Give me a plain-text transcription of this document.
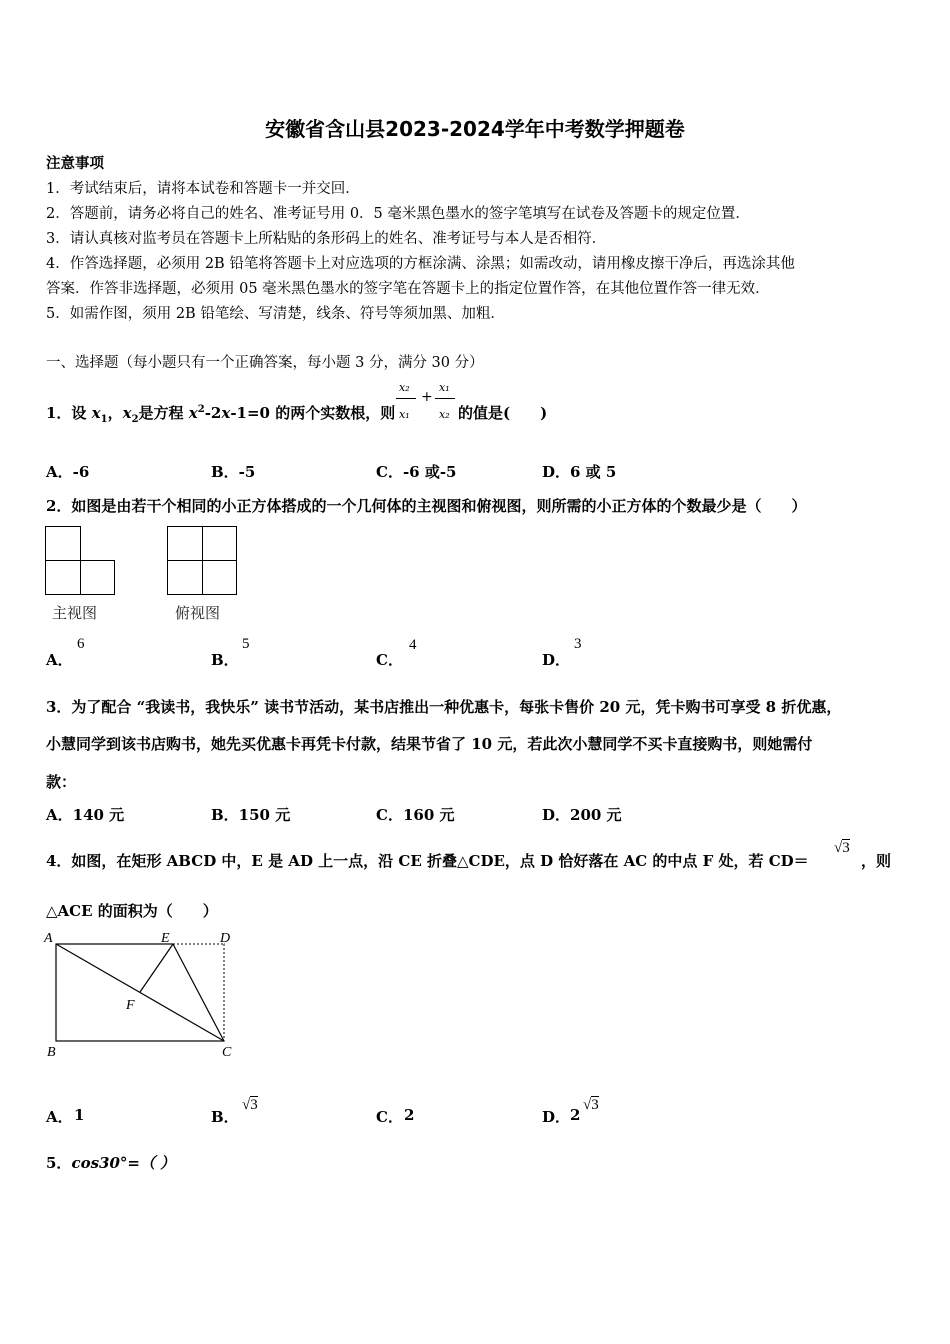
安徽省含山县2023-2024学年中考数学押题卷
注意事项
1．考试结束后，请将本试卷和答题卡一并交回．
2．答题前，请务必将自己的姓名、准考证号用 0．5 毫米黑色墨水的签字笔填写在试卷及答题卡的规定位置．
3．请认真核对监考员在答题卡上所粘贴的条形码上的姓名、准考证号与本人是否相符．
4．作答选择题，必须用 2B 铅笔将答题卡上对应选项的方框涂满、涂黑；如需改动，请用橡皮擦干净后，再选涂其他
答案．作答非选择题，必须用 05 毫米黑色墨水的签字笔在答题卡上的指定位置作答，在其他位置作答一律无效．
5．如需作图，须用 2B 铅笔绘、写清楚，线条、符号等须加黑、加粗．
一、选择题（每小题只有一个正确答案，每小题 3 分，满分 30 分）
1．设 $x_1$，$x_2$是方程 $x^2-2x-1=0$ 的两个实数根，则
x₂
x₁
+
x₁
x₂ 的值是(　　)
A．-6	B．-5	C．-6 或-5	D．6 或 5
2．如图是由若干个相同的小正方体搭成的一个几何体的主视图和俯视图，则所需的小正方体的个数最少是（　　）
主视图	俯视图
A．
6
B．
5
C．
4
D．
3
3．为了配合 “我读书，我快乐” 读书节活动，某书店推出一种优惠卡，每张卡售价 20 元，凭卡购书可享受 8 折优惠，
小慧同学到该书店购书，她先买优惠卡再凭卡付款，结果节省了 10 元，若此次小慧同学不买卡直接购书，则她需付
款：
A．140 元	B．150 元	C．160 元	D．200 元
4．如图，在矩形 ABCD 中，E 是 AD 上一点，沿 CE 折叠△CDE，点 D 恰好落在 AC 的中点 F 处，若 CD＝
√3
，则
△ACE 的面积为（　　）
A	E	D
F
B	C
A． 1	B．
√3
C． 2	D． 2
√3
5．cos30°=（ ）
